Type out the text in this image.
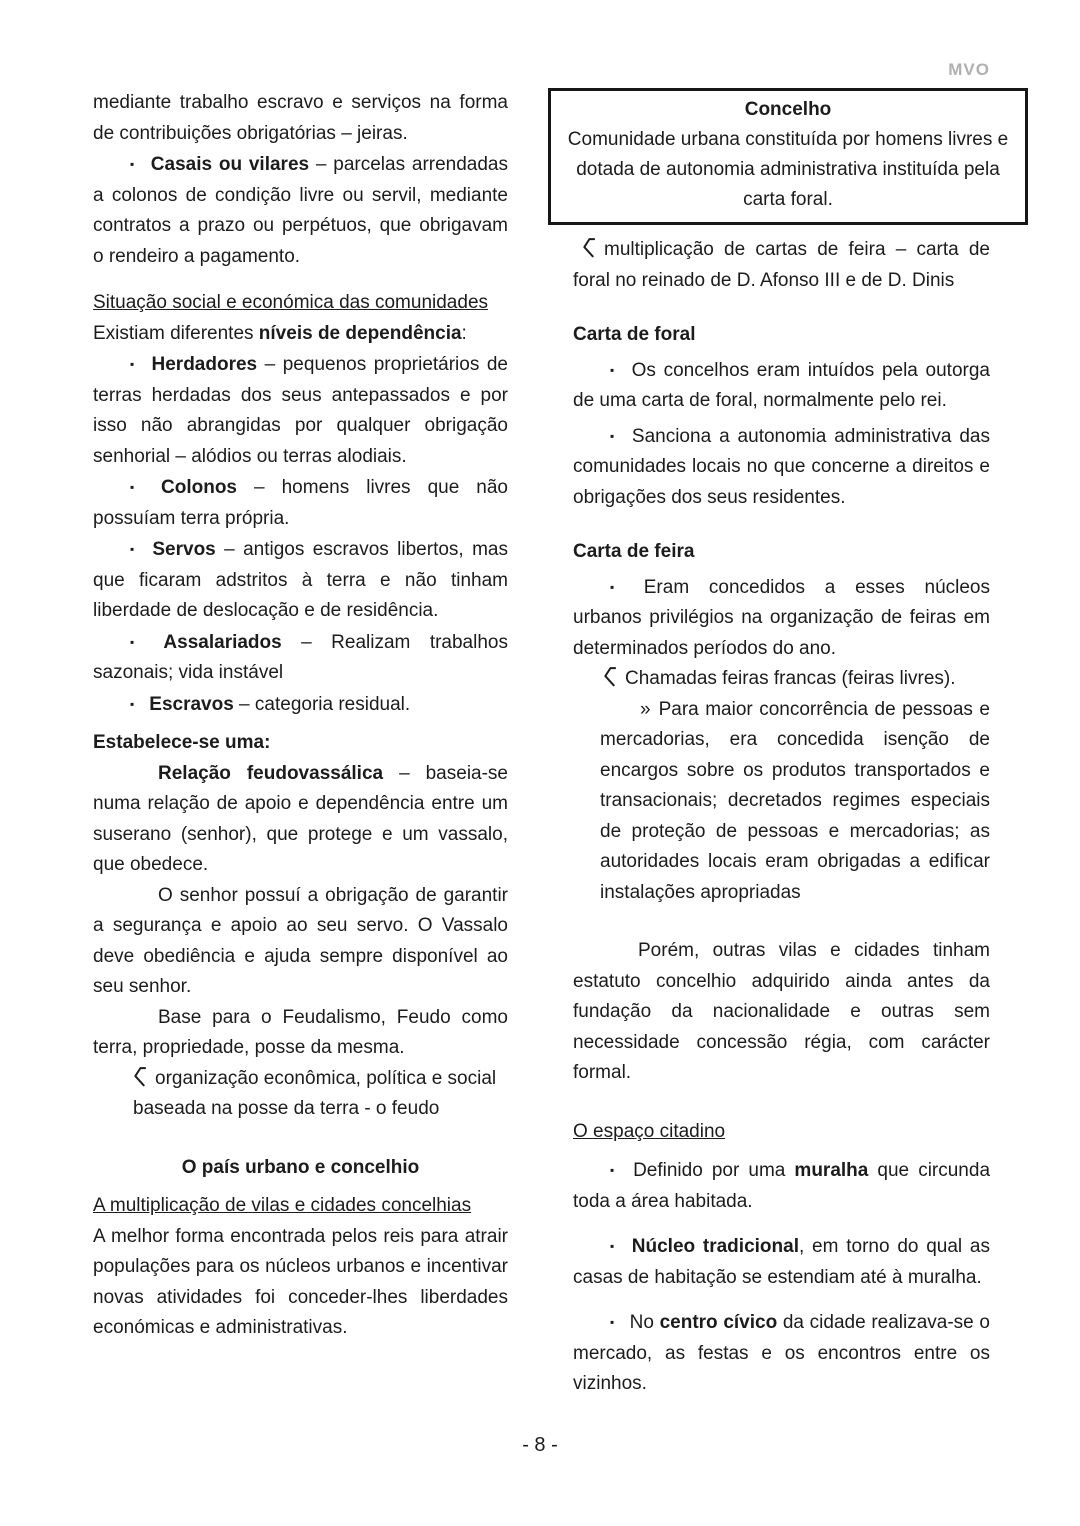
MVO

mediante trabalho escravo e serviços na forma de contribuições obrigatórias – jeiras.

▪ Casais ou vilares – parcelas arrendadas a colonos de condição livre ou servil, mediante contratos a prazo ou perpétuos, que obrigavam o rendeiro a pagamento.

Situação social e económica das comunidades

Existiam diferentes níveis de dependência:

▪ Herdadores – pequenos proprietários de terras herdadas dos seus antepassados e por isso não abrangidas por qualquer obrigação senhorial – alódios ou terras alodiais.

▪ Colonos – homens livres que não possuíam terra própria.

▪ Servos – antigos escravos libertos, mas que ficaram adstritos à terra e não tinham liberdade de deslocação e de residência.

▪ Assalariados – Realizam trabalhos sazonais; vida instável

▪ Escravos – categoria residual.

Estabelece-se uma:

Relação feudovassálica – baseia-se numa relação de apoio e dependência entre um suserano (senhor), que protege e um vassalo, que obedece.

O senhor possuí a obrigação de garantir a segurança e apoio ao seu servo. O Vassalo deve obediência e ajuda sempre disponível ao seu senhor.

Base para o Feudalismo, Feudo como terra, propriedade, posse da mesma.

organização econômica, política e social baseada na posse da terra - o feudo

O país urbano e concelhio

A multiplicação de vilas e cidades concelhias

A melhor forma encontrada pelos reis para atrair populações para os núcleos urbanos e incentivar novas atividades foi conceder-lhes liberdades económicas e administrativas.

Concelho

Comunidade urbana constituída por homens livres e dotada de autonomia administrativa instituída pela carta foral.

multiplicação de cartas de feira – carta de foral no reinado de D. Afonso III e de D. Dinis

Carta de foral

▪ Os concelhos eram intuídos pela outorga de uma carta de foral, normalmente pelo rei.

▪ Sanciona a autonomia administrativa das comunidades locais no que concerne a direitos e obrigações dos seus residentes.

Carta de feira

▪ Eram concedidos a esses núcleos urbanos privilégios na organização de feiras em determinados períodos do ano.

Chamadas feiras francas (feiras livres).

» Para maior concorrência de pessoas e mercadorias, era concedida isenção de encargos sobre os produtos transportados e transacionais; decretados regimes especiais de proteção de pessoas e mercadorias; as autoridades locais eram obrigadas a edificar instalações apropriadas

Porém, outras vilas e cidades tinham estatuto concelhio adquirido ainda antes da fundação da nacionalidade e outras sem necessidade concessão régia, com carácter formal.

O espaço citadino

▪ Definido por uma muralha que circunda toda a área habitada.

▪ Núcleo tradicional, em torno do qual as casas de habitação se estendiam até à muralha.

▪ No centro cívico da cidade realizava-se o mercado, as festas e os encontros entre os vizinhos.

- 8 -
